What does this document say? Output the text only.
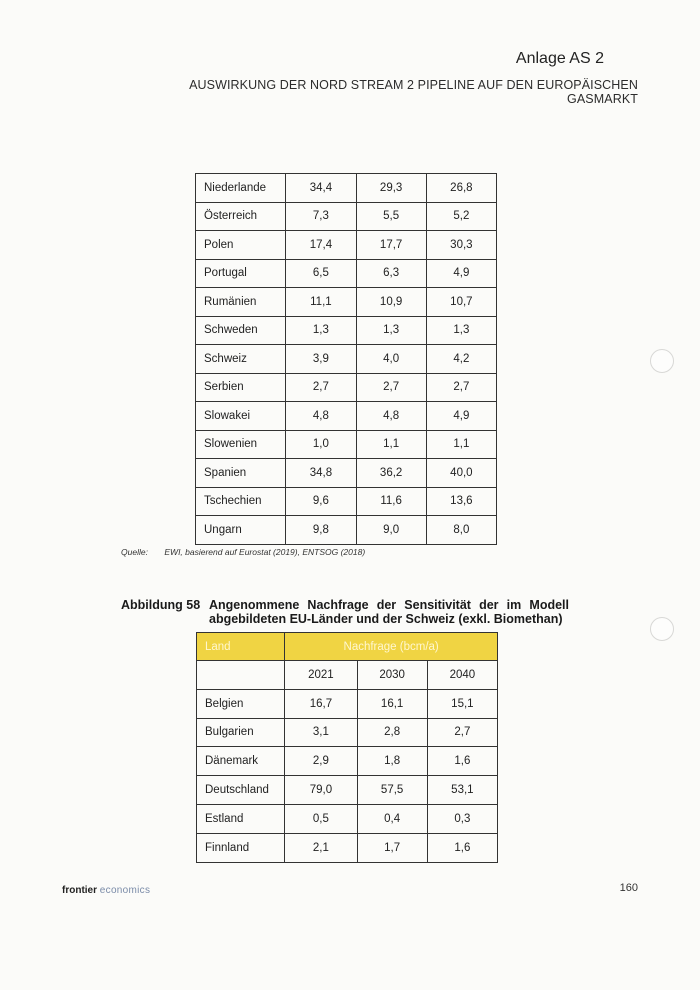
Anlage AS 2
AUSWIRKUNG DER NORD STREAM 2 PIPELINE AUF DEN EUROPÄISCHEN
GASMARKT
Niederlande	34,4	29,3	26,8
Österreich	7,3	5,5	5,2
Polen	17,4	17,7	30,3
Portugal	6,5	6,3	4,9
Rumänien	11,1	10,9	10,7
Schweden	1,3	1,3	1,3
Schweiz	3,9	4,0	4,2
Serbien	2,7	2,7	2,7
Slowakei	4,8	4,8	4,9
Slowenien	1,0	1,1	1,1
Spanien	34,8	36,2	40,0
Tschechien	9,6	11,6	13,6
Ungarn	9,8	9,0	8,0
Quelle: EWI, basierend auf Eurostat (2019), ENTSOG (2018)
Abbildung 58 Angenommene Nachfrage der Sensitivität der im Modell
abgebildeten EU-Länder und der Schweiz (exkl. Biomethan)
Land	Nachfrage (bcm/a)		
	2021	2030	2040
Belgien	16,7	16,1	15,1
Bulgarien	3,1	2,8	2,7
Dänemark	2,9	1,8	1,6
Deutschland	79,0	57,5	53,1
Estland	0,5	0,4	0,3
Finnland	2,1	1,7	1,6
frontier economics	160
